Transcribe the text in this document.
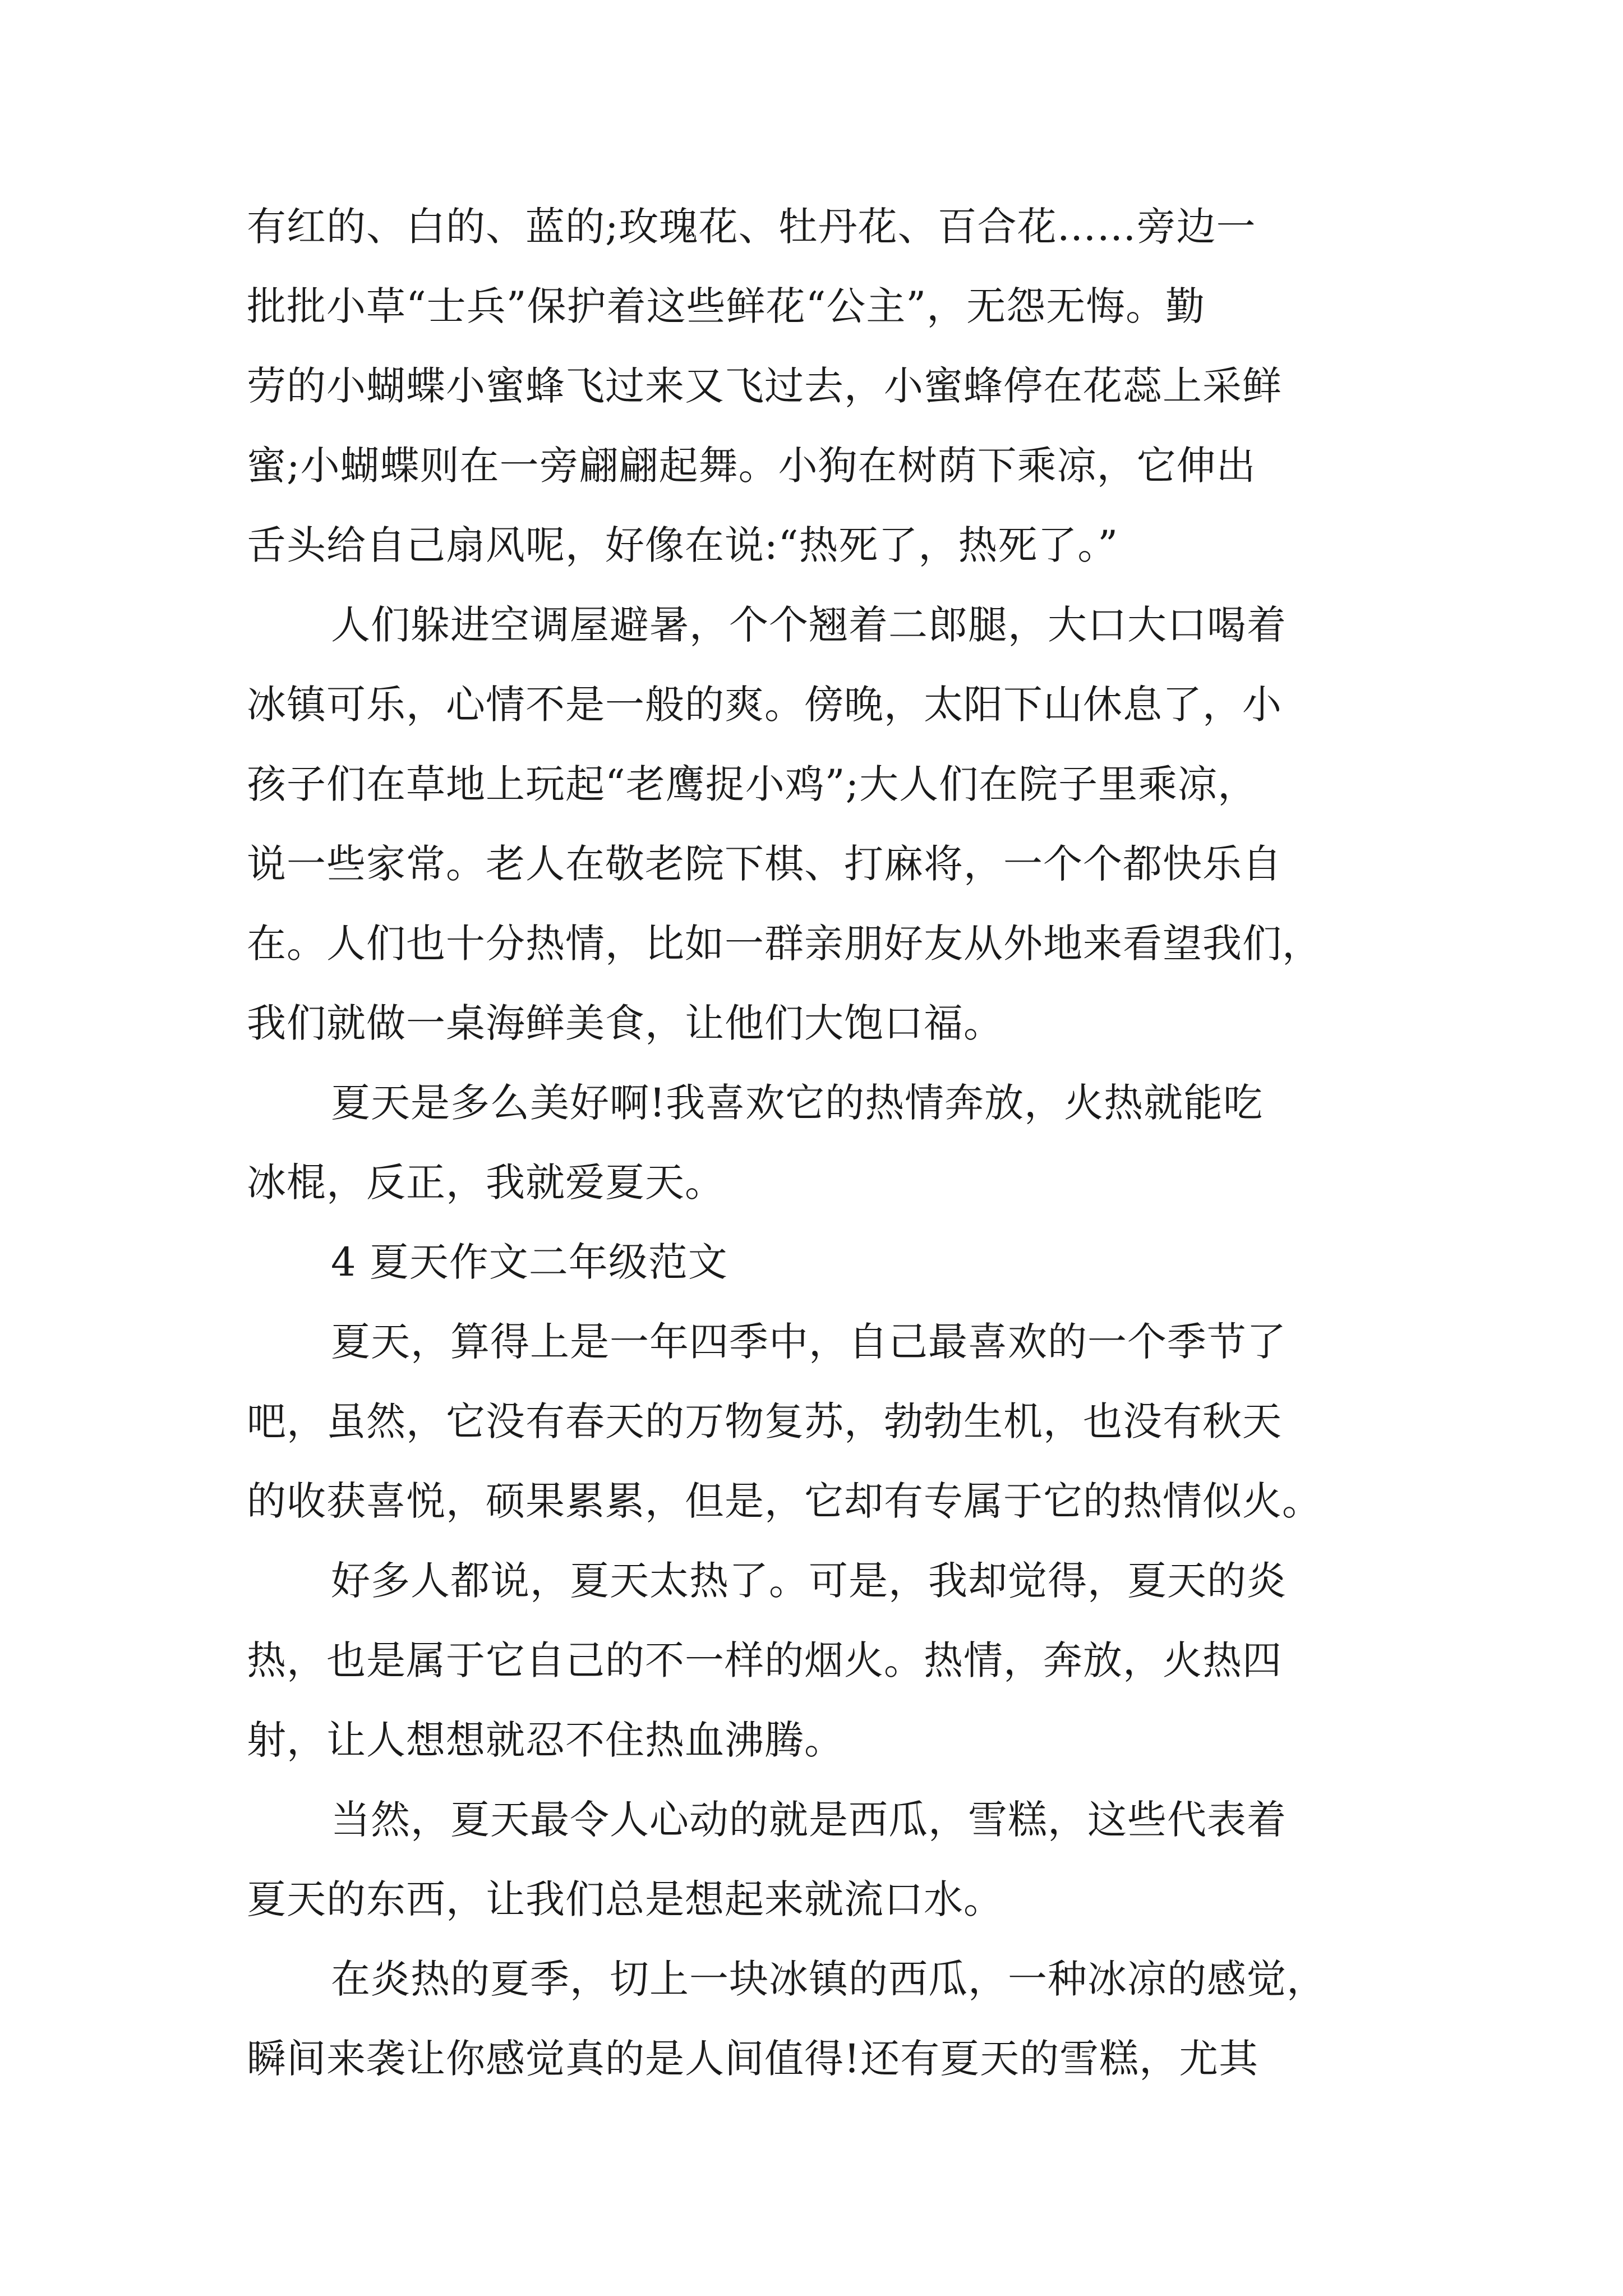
有红的、白的、蓝的;玫瑰花、牡丹花、百合花……旁边一
批批小草“士兵”保护着这些鲜花“公主”，无怨无悔。勤
劳的小蝴蝶小蜜蜂飞过来又飞过去，小蜜蜂停在花蕊上采鲜
蜜;小蝴蝶则在一旁翩翩起舞。小狗在树荫下乘凉，它伸出
舌头给自己扇风呢，好像在说:“热死了，热死了。”
人们躲进空调屋避暑，个个翘着二郎腿，大口大口喝着
冰镇可乐，心情不是一般的爽。傍晚，太阳下山休息了，小
孩子们在草地上玩起“老鹰捉小鸡”;大人们在院子里乘凉，
说一些家常。老人在敬老院下棋、打麻将，一个个都快乐自
在。人们也十分热情，比如一群亲朋好友从外地来看望我们，
我们就做一桌海鲜美食，让他们大饱口福。
夏天是多么美好啊!我喜欢它的热情奔放，火热就能吃
冰棍，反正，我就爱夏天。
4 夏天作文二年级范文
夏天，算得上是一年四季中，自己最喜欢的一个季节了
吧，虽然，它没有春天的万物复苏，勃勃生机，也没有秋天
的收获喜悦，硕果累累，但是，它却有专属于它的热情似火。
好多人都说，夏天太热了。可是，我却觉得，夏天的炎
热，也是属于它自己的不一样的烟火。热情，奔放，火热四
射，让人想想就忍不住热血沸腾。
当然，夏天最令人心动的就是西瓜，雪糕，这些代表着
夏天的东西，让我们总是想起来就流口水。
在炎热的夏季，切上一块冰镇的西瓜，一种冰凉的感觉，
瞬间来袭让你感觉真的是人间值得!还有夏天的雪糕，尤其
